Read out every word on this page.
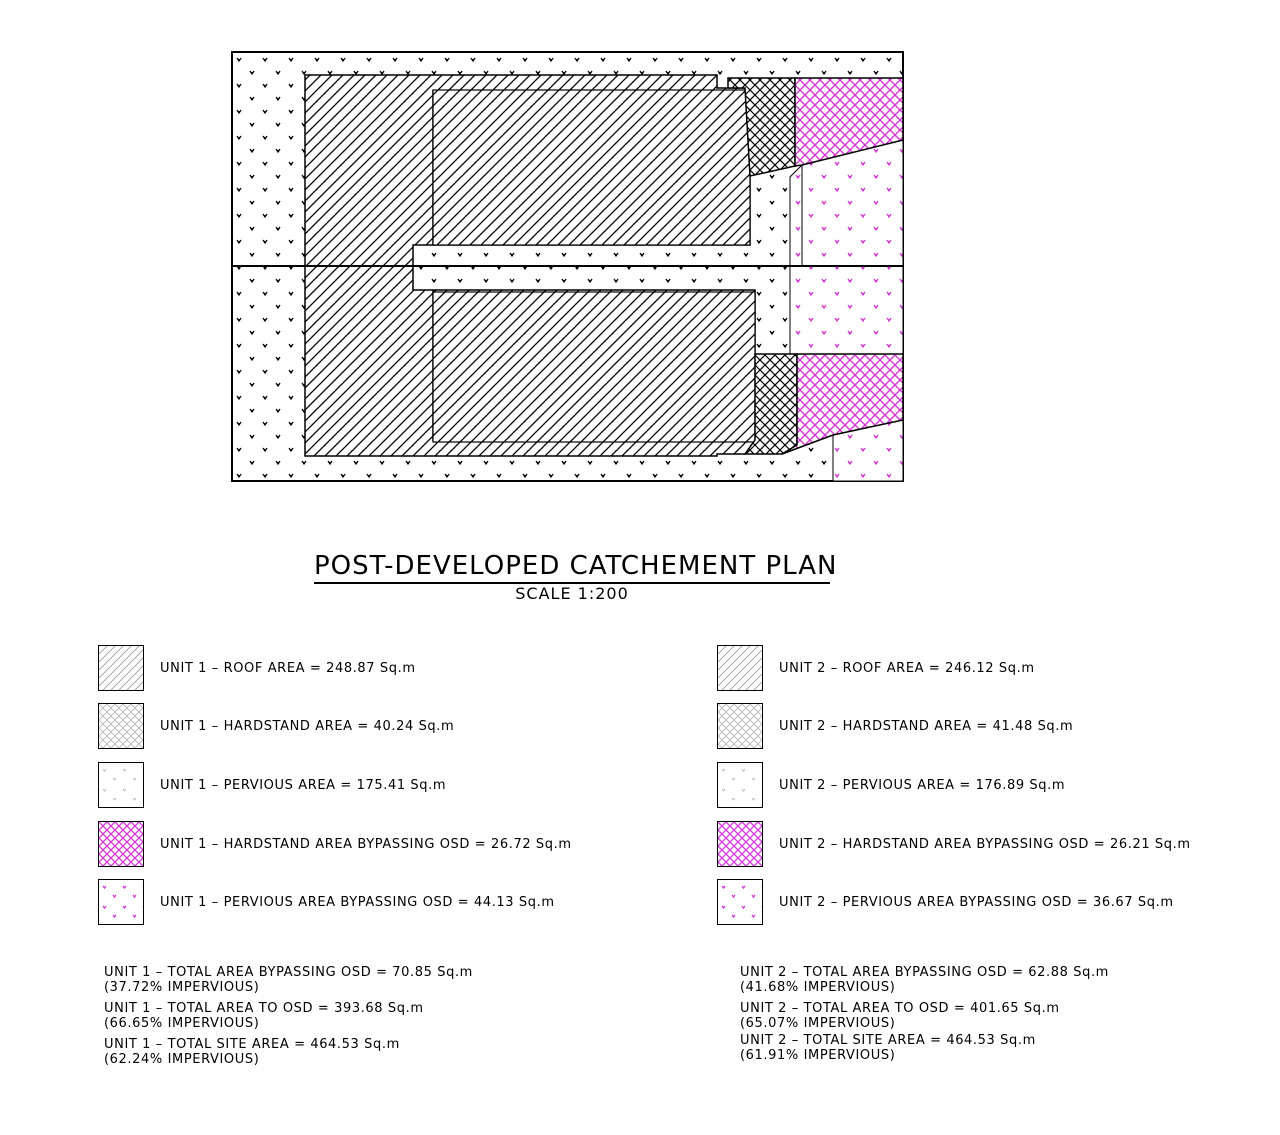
POST-DEVELOPED CATCHEMENT PLAN
SCALE 1:200
UNIT 1 – ROOF AREA = 248.87 Sq.m
UNIT 1 – HARDSTAND AREA = 40.24 Sq.m
UNIT 1 – PERVIOUS AREA = 175.41 Sq.m
UNIT 1 – HARDSTAND AREA BYPASSING OSD = 26.72 Sq.m
UNIT 1 – PERVIOUS AREA BYPASSING OSD = 44.13 Sq.m
UNIT 2 – ROOF AREA = 246.12 Sq.m
UNIT 2 – HARDSTAND AREA = 41.48 Sq.m
UNIT 2 – PERVIOUS AREA = 176.89 Sq.m
UNIT 2 – HARDSTAND AREA BYPASSING OSD = 26.21 Sq.m
UNIT 2 – PERVIOUS AREA BYPASSING OSD = 36.67 Sq.m
UNIT 1 – TOTAL AREA BYPASSING OSD = 70.85 Sq.m
(37.72% IMPERVIOUS)
UNIT 1 – TOTAL AREA TO OSD = 393.68 Sq.m
(66.65% IMPERVIOUS)
UNIT 1 – TOTAL SITE AREA = 464.53 Sq.m
(62.24% IMPERVIOUS)
UNIT 2 – TOTAL AREA BYPASSING OSD = 62.88 Sq.m
(41.68% IMPERVIOUS)
UNIT 2 – TOTAL AREA TO OSD = 401.65 Sq.m
(65.07% IMPERVIOUS)
UNIT 2 – TOTAL SITE AREA = 464.53 Sq.m
(61.91% IMPERVIOUS)
